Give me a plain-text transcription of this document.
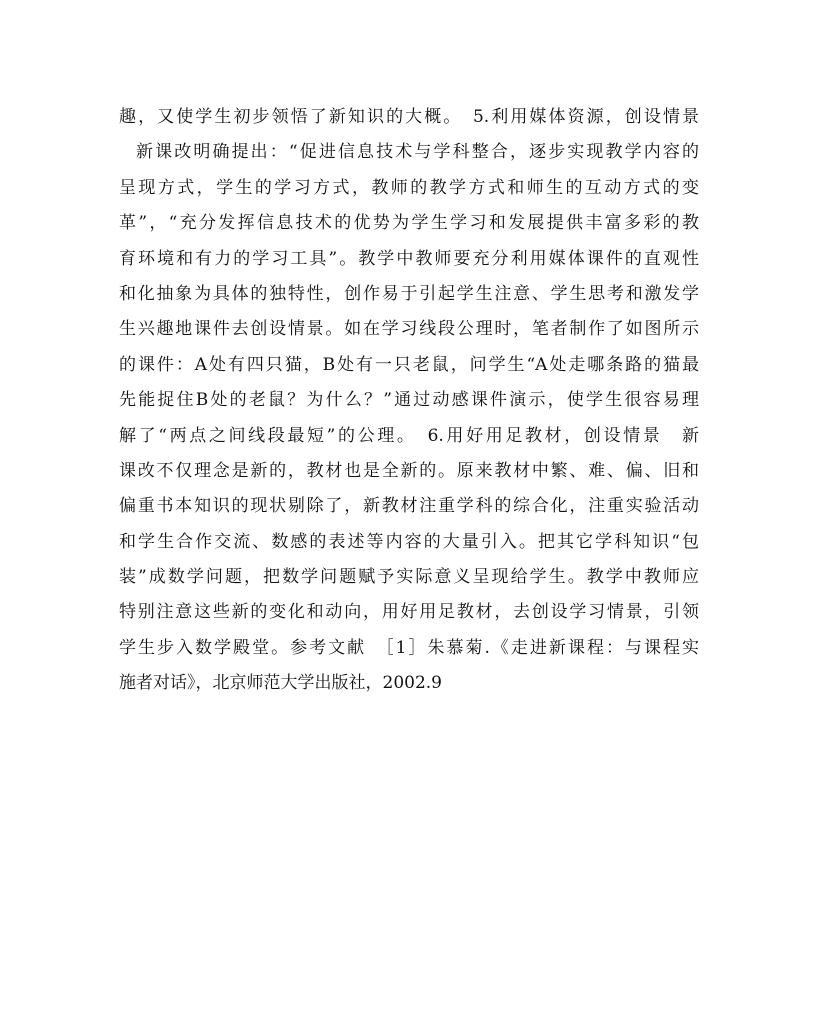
趣，又使学生初步领悟了新知识的大概。　5.利用媒体资源，创设情景
新课改明确提出：“促进信息技术与学科整合，逐步实现教学内容的
呈现方式，学生的学习方式，教师的教学方式和师生的互动方式的变
革”，“充分发挥信息技术的优势为学生学习和发展提供丰富多彩的教
育环境和有力的学习工具”。教学中教师要充分利用媒体课件的直观性
和化抽象为具体的独特性，创作易于引起学生注意、学生思考和激发学
生兴趣地课件去创设情景。如在学习线段公理时，笔者制作了如图所示
的课件：A处有四只猫，B处有一只老鼠，问学生“A处走哪条路的猫最
先能捉住B处的老鼠？为什么？”通过动感课件演示，使学生很容易理
解了“两点之间线段最短”的公理。　6.用好用足教材，创设情景　新
课改不仅理念是新的，教材也是全新的。原来教材中繁、难、偏、旧和
偏重书本知识的现状剔除了，新教材注重学科的综合化，注重实验活动
和学生合作交流、数感的表述等内容的大量引入。把其它学科知识“包
装”成数学问题，把数学问题赋予实际意义呈现给学生。教学中教师应
特别注意这些新的变化和动向，用好用足教材，去创设学习情景，引领
学生步入数学殿堂。参考文献　［1］朱慕菊.《走进新课程：与课程实
施者对话》，北京师范大学出版社，2002.9
